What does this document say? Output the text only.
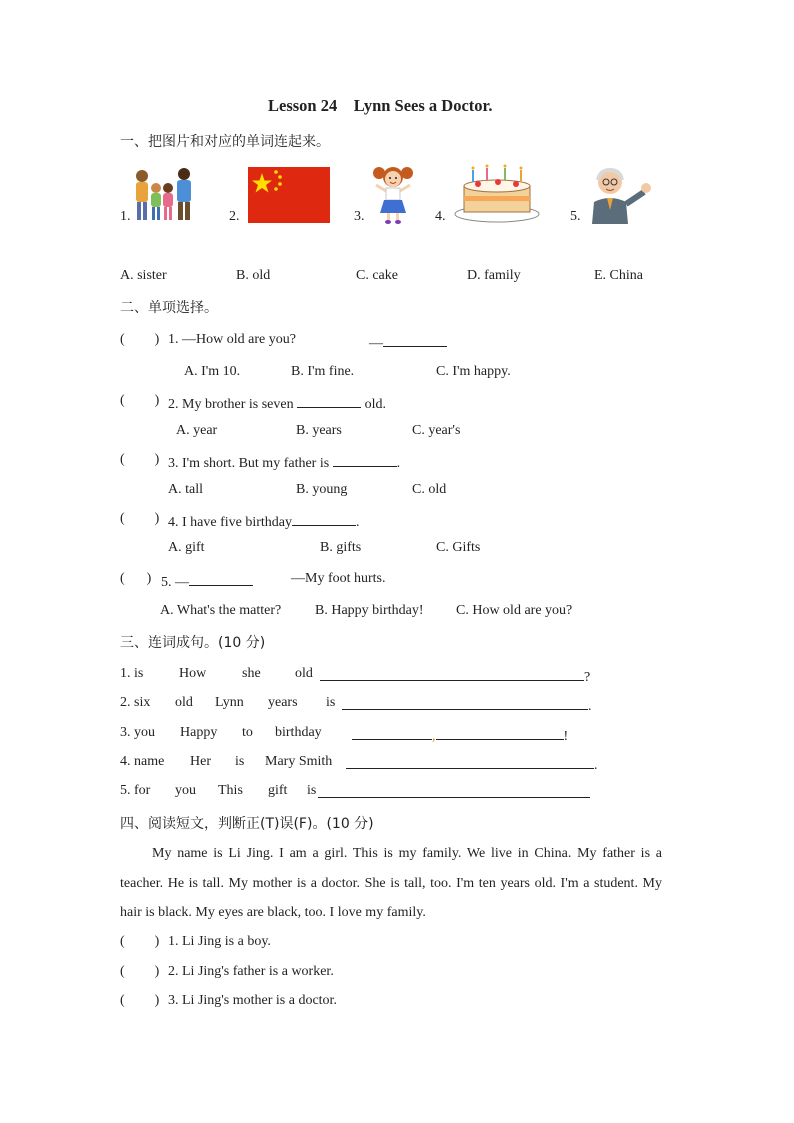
Lesson 24    Lynn Sees a Doctor.
一、把图片和对应的单词连起来。
1.	2.	3.	4.	5.
A. sister	B. old	C. cake	D. family	E. China
二、单项选择。
( ) 1. —How old are you?	—
A. I'm 10.	B. I'm fine.	C. I'm happy.
( ) 2. My brother is seven	old.
A. year	B. years	C. year's
( ) 3. I'm short. But my father is	.
A. tall	B. young	C. old
( ) 4. I have five birthday	.
A. gift	B. gifts	C. Gifts
( ) 5. —	—My foot hurts.
A. What's the matter? B. Happy birthday! C. How old are you?
三、连词成句。(10 分)
1. is	How	she old	?
2. six old Lynn years is	.
3. you Happy to birthday	,	!
4. name Her is Mary Smith	.
5. for you This gift is
四、阅读短文，判断正(T)误(F)。(10 分)
My name is Li Jing. I am a girl. This is my family. We live in China. My father is a teacher. He is tall. My mother is a doctor. She is tall, too. I'm ten years old. I'm a student. My hair is black. My eyes are black, too. I love my family.
( ) 1. Li Jing is a boy.
( ) 2. Li Jing's father is a worker.
( ) 3. Li Jing's mother is a doctor.
